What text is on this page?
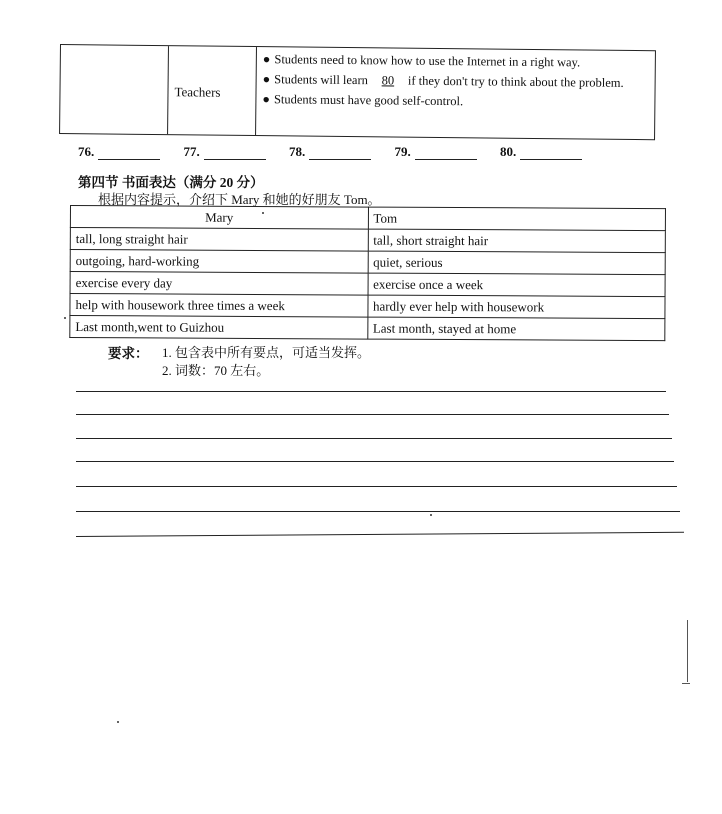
Teachers
● Students need to know how to use the Internet in a right way.
● Students will learn 80 if they don't try to think about the problem.
● Students must have good self-control.
76.	77.	78.	79.	80.
第四节 书面表达（满分 20 分）
根据内容提示，介绍下 Mary 和她的好朋友 Tom。
Mary	Tom
tall, long straight hair	tall, short straight hair
outgoing, hard-working	quiet, serious
exercise every day	exercise once a week
help with housework three times a week	hardly ever help with housework
Last month,went to Guizhou	Last month, stayed at home
要求： 1. 包含表中所有要点，可适当发挥。
2. 词数：70 左右。
